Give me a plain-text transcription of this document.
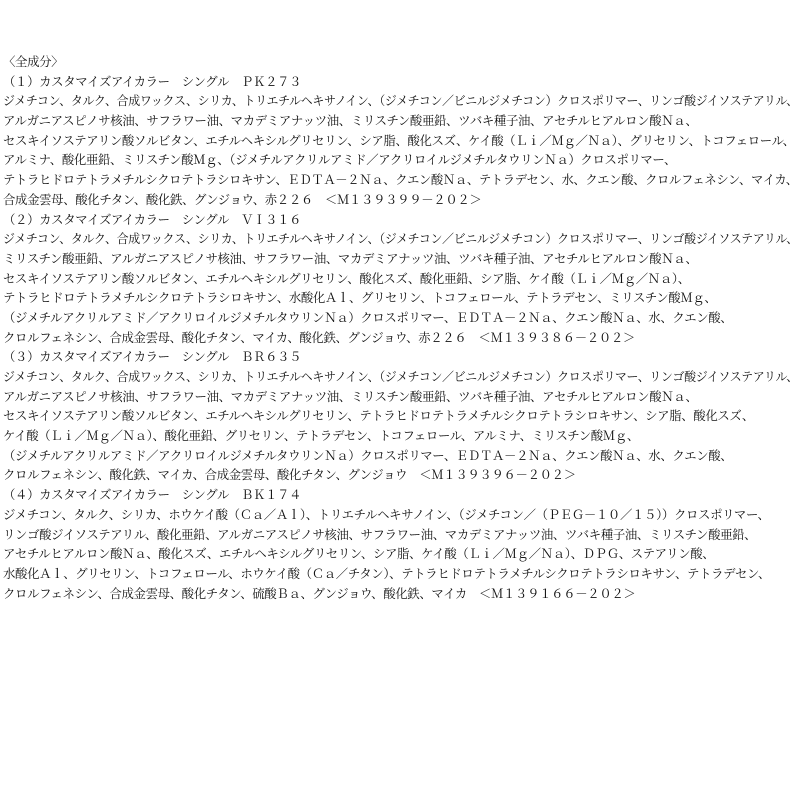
〈全成分〉
（１）カスタマイズアイカラー　シングル　ＰＫ２７３
ジメチコン、タルク、合成ワックス、シリカ、トリエチルヘキサノイン、（ジメチコン／ビニルジメチコン）クロスポリマー、リンゴ酸ジイソステアリル、
アルガニアスピノサ核油、サフラワー油、マカデミアナッツ油、ミリスチン酸亜鉛、ツバキ種子油、アセチルヒアルロン酸Ｎａ、
セスキイソステアリン酸ソルビタン、エチルヘキシルグリセリン、シア脂、酸化スズ、ケイ酸（Ｌｉ／Ｍｇ／Ｎａ）、グリセリン、トコフェロール、
アルミナ、酸化亜鉛、ミリスチン酸Ｍｇ、（ジメチルアクリルアミド／アクリロイルジメチルタウリンＮａ）クロスポリマー、
テトラヒドロテトラメチルシクロテトラシロキサン、ＥＤＴＡ－２Ｎａ、クエン酸Ｎａ、テトラデセン、水、クエン酸、クロルフェネシン、マイカ、
合成金雲母、酸化チタン、酸化鉄、グンジョウ、赤２２６　＜Ｍ１３９３９９－２０２＞
（２）カスタマイズアイカラー　シングル　ＶＩ３１６
ジメチコン、タルク、合成ワックス、シリカ、トリエチルヘキサノイン、（ジメチコン／ビニルジメチコン）クロスポリマー、リンゴ酸ジイソステアリル、
ミリスチン酸亜鉛、アルガニアスピノサ核油、サフラワー油、マカデミアナッツ油、ツバキ種子油、アセチルヒアルロン酸Ｎａ、
セスキイソステアリン酸ソルビタン、エチルヘキシルグリセリン、酸化スズ、酸化亜鉛、シア脂、ケイ酸（Ｌｉ／Ｍｇ／Ｎａ）、
テトラヒドロテトラメチルシクロテトラシロキサン、水酸化Ａｌ、グリセリン、トコフェロール、テトラデセン、ミリスチン酸Ｍｇ、
（ジメチルアクリルアミド／アクリロイルジメチルタウリンＮａ）クロスポリマー、ＥＤＴＡ－２Ｎａ、クエン酸Ｎａ、水、クエン酸、
クロルフェネシン、合成金雲母、酸化チタン、マイカ、酸化鉄、グンジョウ、赤２２６　＜Ｍ１３９３８６－２０２＞
（３）カスタマイズアイカラー　シングル　ＢＲ６３５
ジメチコン、タルク、合成ワックス、シリカ、トリエチルヘキサノイン、（ジメチコン／ビニルジメチコン）クロスポリマー、リンゴ酸ジイソステアリル、
アルガニアスピノサ核油、サフラワー油、マカデミアナッツ油、ミリスチン酸亜鉛、ツバキ種子油、アセチルヒアルロン酸Ｎａ、
セスキイソステアリン酸ソルビタン、エチルヘキシルグリセリン、テトラヒドロテトラメチルシクロテトラシロキサン、シア脂、酸化スズ、
ケイ酸（Ｌｉ／Ｍｇ／Ｎａ）、酸化亜鉛、グリセリン、テトラデセン、トコフェロール、アルミナ、ミリスチン酸Ｍｇ、
（ジメチルアクリルアミド／アクリロイルジメチルタウリンＮａ）クロスポリマー、ＥＤＴＡ－２Ｎａ、クエン酸Ｎａ、水、クエン酸、
クロルフェネシン、酸化鉄、マイカ、合成金雲母、酸化チタン、グンジョウ　＜Ｍ１３９３９６－２０２＞
（４）カスタマイズアイカラー　シングル　ＢＫ１７４
ジメチコン、タルク、シリカ、ホウケイ酸（Ｃａ／Ａｌ）、トリエチルヘキサノイン、（ジメチコン／（ＰＥＧ－１０／１５））クロスポリマー、
リンゴ酸ジイソステアリル、酸化亜鉛、アルガニアスピノサ核油、サフラワー油、マカデミアナッツ油、ツバキ種子油、ミリスチン酸亜鉛、
アセチルヒアルロン酸Ｎａ、酸化スズ、エチルヘキシルグリセリン、シア脂、ケイ酸（Ｌｉ／Ｍｇ／Ｎａ）、ＤＰＧ、ステアリン酸、
水酸化Ａｌ、グリセリン、トコフェロール、ホウケイ酸（Ｃａ／チタン）、テトラヒドロテトラメチルシクロテトラシロキサン、テトラデセン、
クロルフェネシン、合成金雲母、酸化チタン、硫酸Ｂａ、グンジョウ、酸化鉄、マイカ　＜Ｍ１３９１６６－２０２＞
